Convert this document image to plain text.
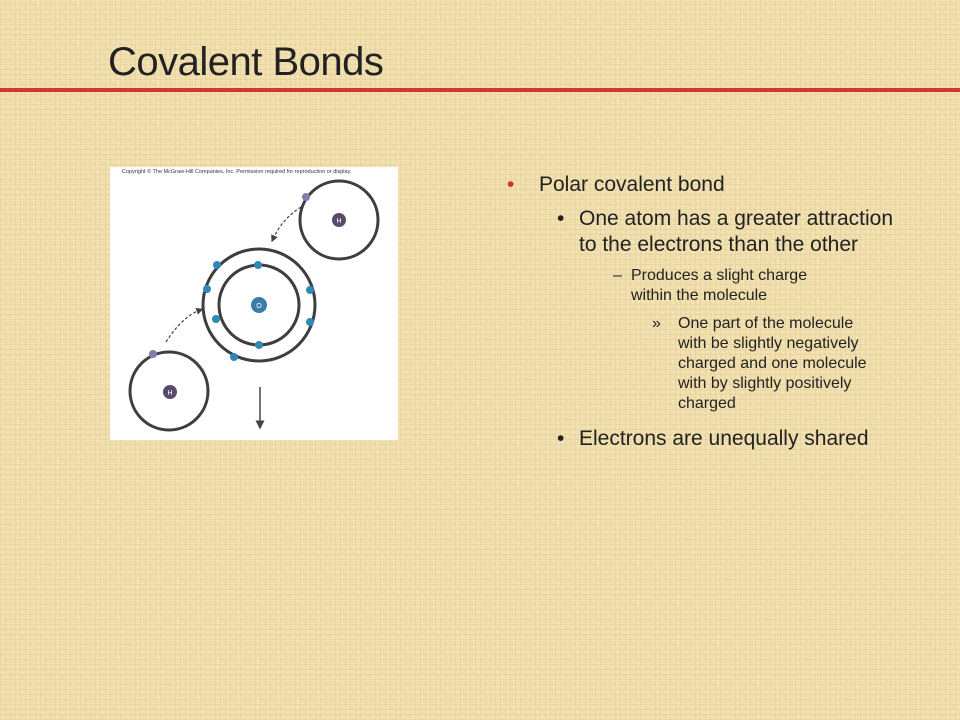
Covalent Bonds
Copyright © The McGraw-Hill Companies, Inc. Permission required for reproduction or display.
O
H
H
• Polar covalent bond
• One atom has a greater attraction to the electrons than the other
– Produces a slight charge within the molecule
» One part of the molecule with be slightly negatively charged and one molecule with by slightly positively charged
• Electrons are unequally shared
